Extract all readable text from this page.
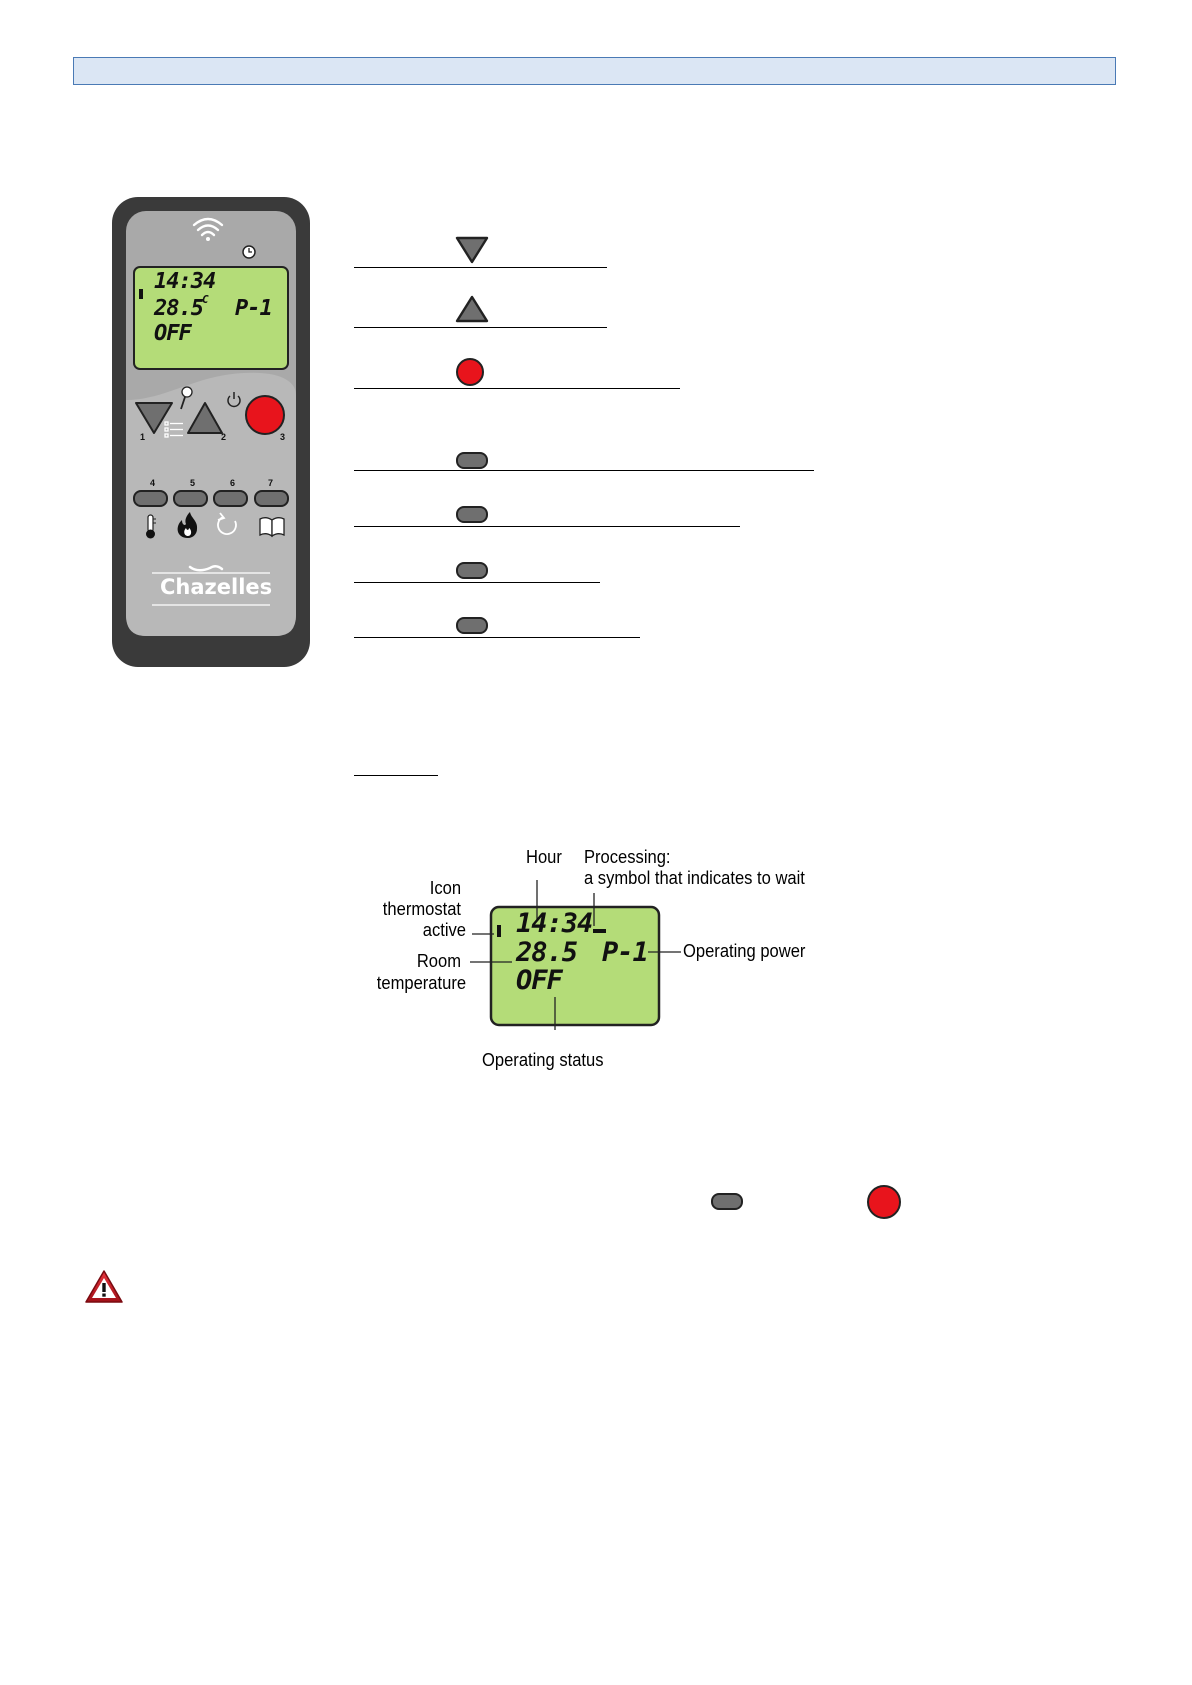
14:34
28.5 C P-1
OFF
1	2	3
4	5	6	7
Chazelles
14:34
28.5 P-1
OFF
Hour Processing:
a symbol that indicates to wait
Icon
thermostat
active
Room
temperature
Operating power
Operating status
